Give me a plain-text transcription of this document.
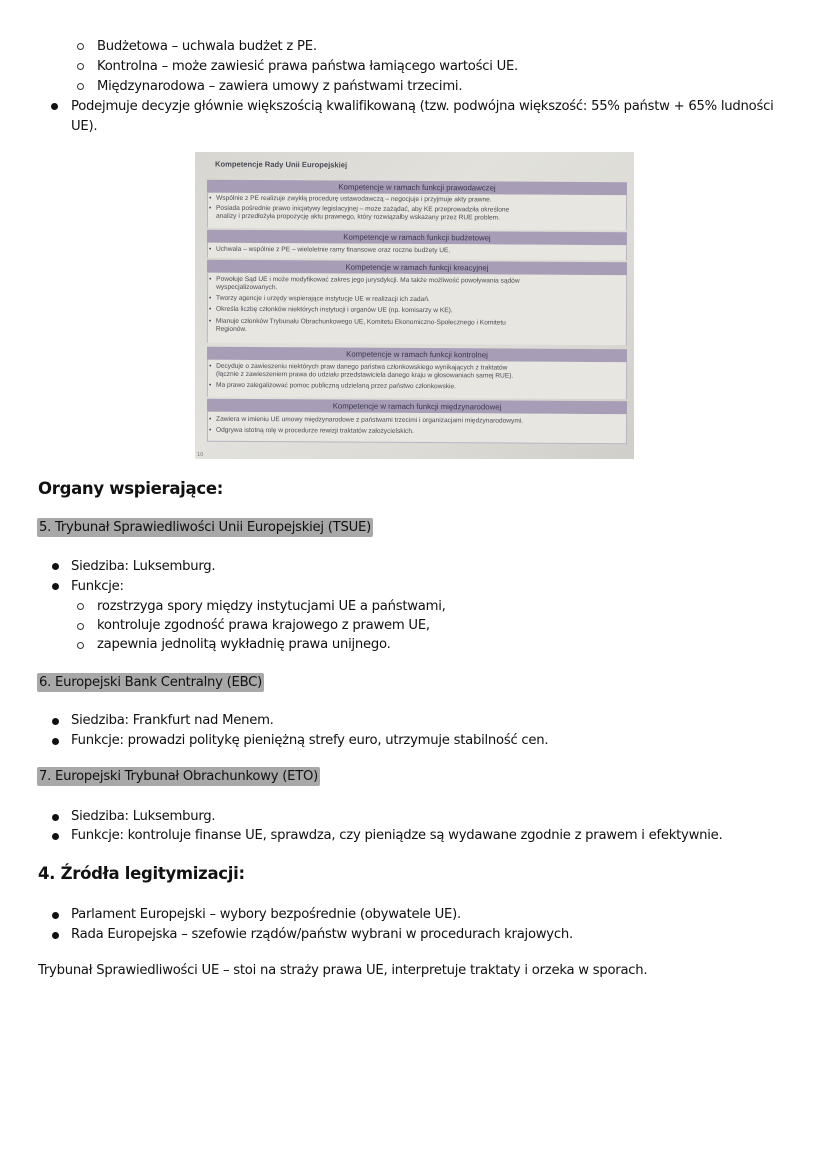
Budżetowa – uchwala budżet z PE.
Kontrolna – może zawiesić prawa państwa łamiącego wartości UE.
Międzynarodowa – zawiera umowy z państwami trzecimi.
Podejmuje decyzje głównie większością kwalifikowaną (tzw. podwójna większość: 55% państw + 65% ludności
UE).
Kompetencje Rady Unii Europejskiej
Kompetencje w ramach funkcji prawodawczej
• Wspólnie z PE realizuje zwykłą procedurę ustawodawczą – negocjuje i przyjmuje akty prawne.
• Posiada pośrednie prawo inicjatywy legislacyjnej – może zażądać, aby KE przeprowadziła określone
analizy i przedłożyła propozycję aktu prawnego, który rozwiązałby wskazany przez RUE problem.
Kompetencje w ramach funkcji budżetowej
• Uchwala – wspólnie z PE – wieloletnie ramy finansowe oraz roczne budżety UE.
Kompetencje w ramach funkcji kreacyjnej
• Powołuje Sąd UE i może modyfikować zakres jego jurysdykcji. Ma także możliwość powoływania sądów
wyspecjalizowanych.
• Tworzy agencje i urzędy wspierające instytucje UE w realizacji ich zadań.
• Określa liczbę członków niektórych instytucji i organów UE (np. komisarzy w KE).
• Mianuje członków Trybunału Obrachunkowego UE, Komitetu Ekonomiczno-Społecznego i Komitetu
Regionów.
Kompetencje w ramach funkcji kontrolnej
• Decyduje o zawieszeniu niektórych praw danego państwa członkowskiego wynikających z traktatów
(łącznie z zawieszeniem prawa do udziału przedstawiciela danego kraju w głosowaniach samej RUE).
• Ma prawo zalegalizować pomoc publiczną udzielaną przez państwo członkowskie.
Kompetencje w ramach funkcji międzynarodowej
• Zawiera w imieniu UE umowy międzynarodowe z państwami trzecimi i organizacjami międzynarodowymi.
• Odgrywa istotną rolę w procedurze rewizji traktatów założycielskich.
10
Organy wspierające:
5. Trybunał Sprawiedliwości Unii Europejskiej (TSUE)
Siedziba: Luksemburg.
Funkcje:
rozstrzyga spory między instytucjami UE a państwami,
kontroluje zgodność prawa krajowego z prawem UE,
zapewnia jednolitą wykładnię prawa unijnego.
6. Europejski Bank Centralny (EBC)
Siedziba: Frankfurt nad Menem.
Funkcje: prowadzi politykę pieniężną strefy euro, utrzymuje stabilność cen.
7. Europejski Trybunał Obrachunkowy (ETO)
Siedziba: Luksemburg.
Funkcje: kontroluje finanse UE, sprawdza, czy pieniądze są wydawane zgodnie z prawem i efektywnie.
4. Źródła legitymizacji:
Parlament Europejski – wybory bezpośrednie (obywatele UE).
Rada Europejska – szefowie rządów/państw wybrani w procedurach krajowych.
Trybunał Sprawiedliwości UE – stoi na straży prawa UE, interpretuje traktaty i orzeka w sporach.
